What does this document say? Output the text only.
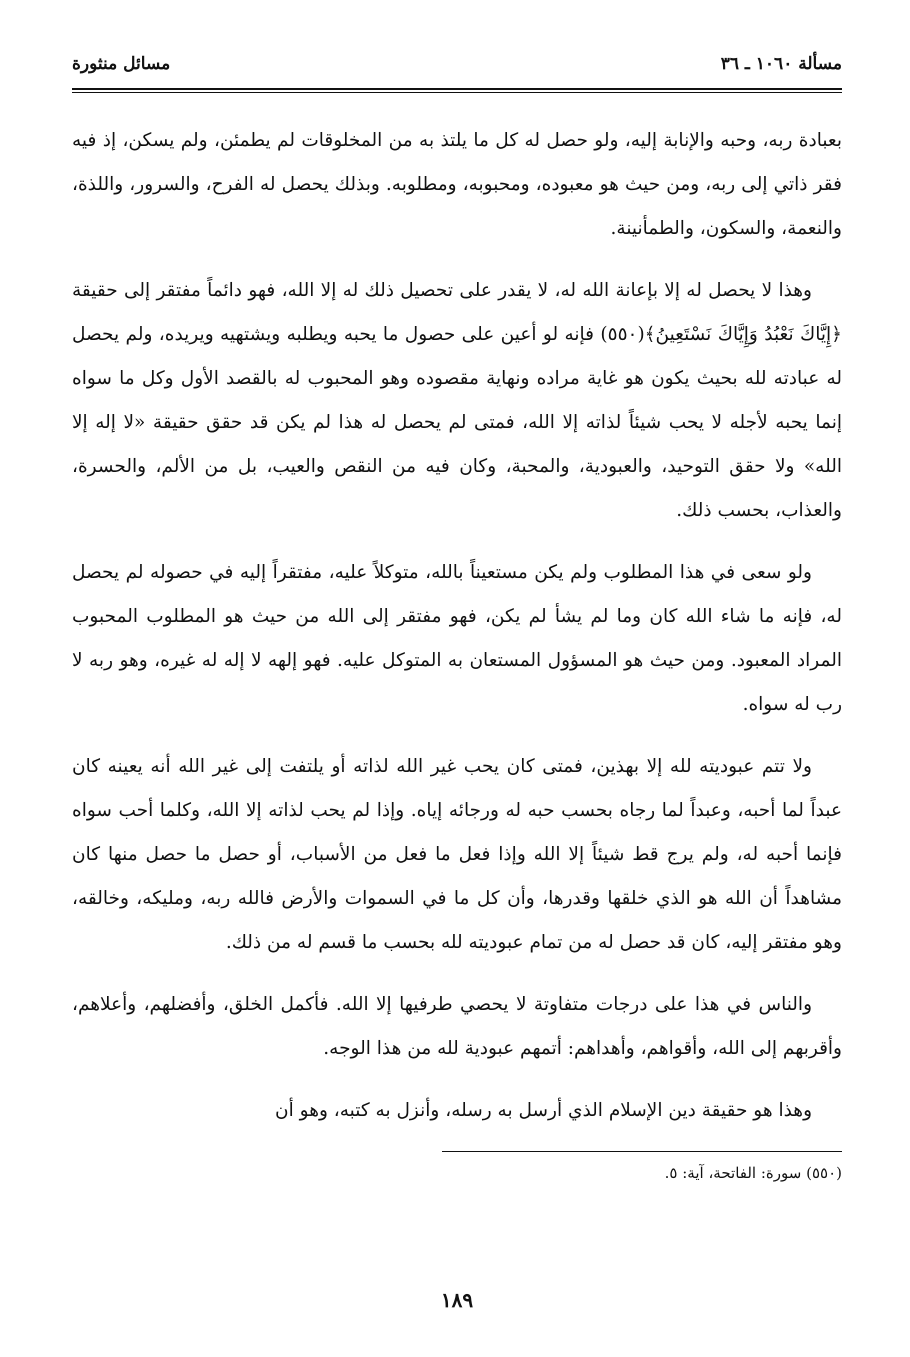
مسألة ١٠٦٠ ـ ٣٦
مسائل منثورة

بعبادة ربه، وحبه والإنابة إليه، ولو حصل له كل ما يلتذ به من المخلوقات لم يطمئن، ولم يسكن، إذ فيه فقر ذاتي إلى ربه، ومن حيث هو معبوده، ومحبوبه، ومطلوبه. وبذلك يحصل له الفرح، والسرور، واللذة، والنعمة، والسكون، والطمأنينة.

وهذا لا يحصل له إلا بإعانة الله له، لا يقدر على تحصيل ذلك له إلا الله، فهو دائماً مفتقر إلى حقيقة ﴿إِيَّاكَ نَعْبُدُ وَإِيَّاكَ نَسْتَعِينُ﴾(٥٥٠) فإنه لو أعين على حصول ما يحبه ويطلبه ويشتهيه ويريده، ولم يحصل له عبادته لله بحيث يكون هو غاية مراده ونهاية مقصوده وهو المحبوب له بالقصد الأول وكل ما سواه إنما يحبه لأجله لا يحب شيئاً لذاته إلا الله، فمتى لم يحصل له هذا لم يكن قد حقق حقيقة «لا إله إلا الله» ولا حقق التوحيد، والعبودية، والمحبة، وكان فيه من النقص والعيب، بل من الألم، والحسرة، والعذاب، بحسب ذلك.

ولو سعى في هذا المطلوب ولم يكن مستعيناً بالله، متوكلاً عليه، مفتقراً إليه في حصوله لم يحصل له، فإنه ما شاء الله كان وما لم يشأ لم يكن، فهو مفتقر إلى الله من حيث هو المطلوب المحبوب المراد المعبود. ومن حيث هو المسؤول المستعان به المتوكل عليه. فهو إلهه لا إله له غيره، وهو ربه لا رب له سواه.

ولا تتم عبوديته لله إلا بهذين، فمتى كان يحب غير الله لذاته أو يلتفت إلى غير الله أنه يعينه كان عبداً لما أحبه، وعبداً لما رجاه بحسب حبه له ورجائه إياه. وإذا لم يحب لذاته إلا الله، وكلما أحب سواه فإنما أحبه له، ولم يرج قط شيئاً إلا الله وإذا فعل ما فعل من الأسباب، أو حصل ما حصل منها كان مشاهداً أن الله هو الذي خلقها وقدرها، وأن كل ما في السموات والأرض فالله ربه، ومليكه، وخالقه، وهو مفتقر إليه، كان قد حصل له من تمام عبوديته لله بحسب ما قسم له من ذلك.

والناس في هذا على درجات متفاوتة لا يحصي طرفيها إلا الله. فأكمل الخلق، وأفضلهم، وأعلاهم، وأقربهم إلى الله، وأقواهم، وأهداهم: أتمهم عبودية لله من هذا الوجه.

وهذا هو حقيقة دين الإسلام الذي أرسل به رسله، وأنزل به كتبه، وهو أن

(٥٥٠) سورة: الفاتحة، آية: ٥.
١٨٩
